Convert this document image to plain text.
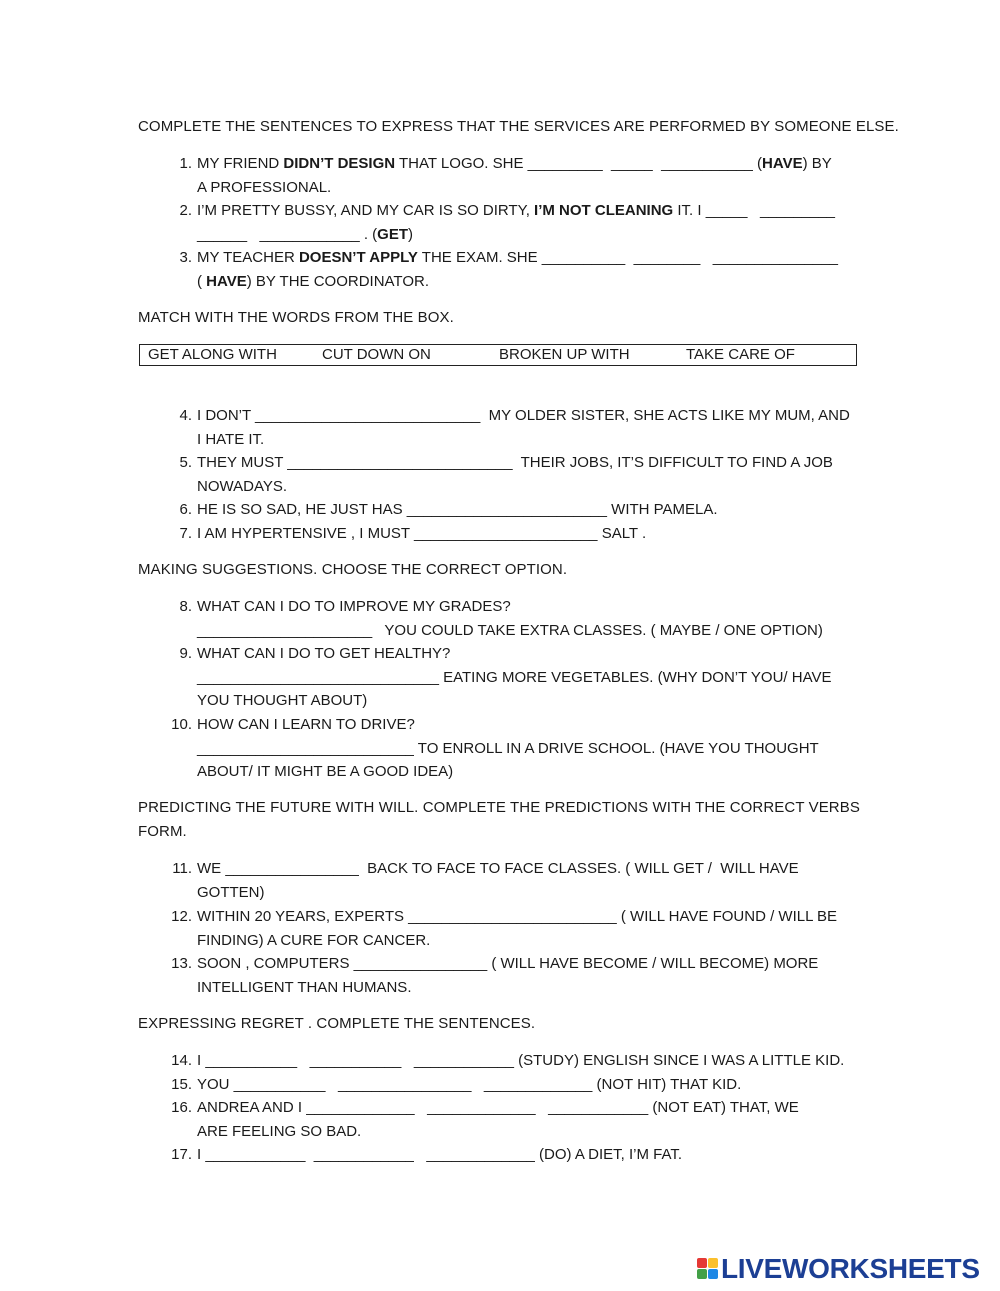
COMPLETE THE SENTENCES TO EXPRESS THAT THE SERVICES ARE PERFORMED BY SOMEONE ELSE.
1. MY FRIEND DIDN’T DESIGN THAT LOGO. SHE _________  _____  ___________ (HAVE) BY
A PROFESSIONAL.
2. I’M PRETTY BUSSY, AND MY CAR IS SO DIRTY, I’M NOT CLEANING IT. I _____   _________
______   ____________ . (GET)
3. MY TEACHER DOESN’T APPLY THE EXAM. SHE __________  ________   _______________
( HAVE) BY THE COORDINATOR.
MATCH WITH THE WORDS FROM THE BOX.
GET ALONG WITH	CUT DOWN ON	BROKEN UP WITH	TAKE CARE OF
4. I DON’T ___________________________  MY OLDER SISTER, SHE ACTS LIKE MY MUM, AND
I HATE IT.
5. THEY MUST ___________________________  THEIR JOBS, IT’S DIFFICULT TO FIND A JOB
NOWADAYS.
6. HE IS SO SAD, HE JUST HAS ________________________ WITH PAMELA.
7. I AM HYPERTENSIVE , I MUST ______________________ SALT .
MAKING SUGGESTIONS. CHOOSE THE CORRECT OPTION.
8. WHAT CAN I DO TO IMPROVE MY GRADES?
_____________________   YOU COULD TAKE EXTRA CLASSES. ( MAYBE / ONE OPTION)
9. WHAT CAN I DO TO GET HEALTHY?
_____________________________ EATING MORE VEGETABLES. (WHY DON’T YOU/ HAVE
YOU THOUGHT ABOUT)
10. HOW CAN I LEARN TO DRIVE?
__________________________ TO ENROLL IN A DRIVE SCHOOL. (HAVE YOU THOUGHT
ABOUT/ IT MIGHT BE A GOOD IDEA)
PREDICTING THE FUTURE WITH WILL. COMPLETE THE PREDICTIONS WITH THE CORRECT VERBS
FORM.
11. WE ________________  BACK TO FACE TO FACE CLASSES. ( WILL GET /  WILL HAVE
GOTTEN)
12. WITHIN 20 YEARS, EXPERTS _________________________ ( WILL HAVE FOUND / WILL BE
FINDING) A CURE FOR CANCER.
13. SOON , COMPUTERS ________________ ( WILL HAVE BECOME / WILL BECOME) MORE
INTELLIGENT THAN HUMANS.
EXPRESSING REGRET . COMPLETE THE SENTENCES.
14. I ___________   ___________   ____________ (STUDY) ENGLISH SINCE I WAS A LITTLE KID.
15. YOU ___________   ________________   _____________ (NOT HIT) THAT KID.
16. ANDREA AND I _____________   _____________   ____________ (NOT EAT) THAT, WE
ARE FEELING SO BAD.
17. I ____________  ____________   _____________ (DO) A DIET, I’M FAT.
LIVEWORKSHEETS
